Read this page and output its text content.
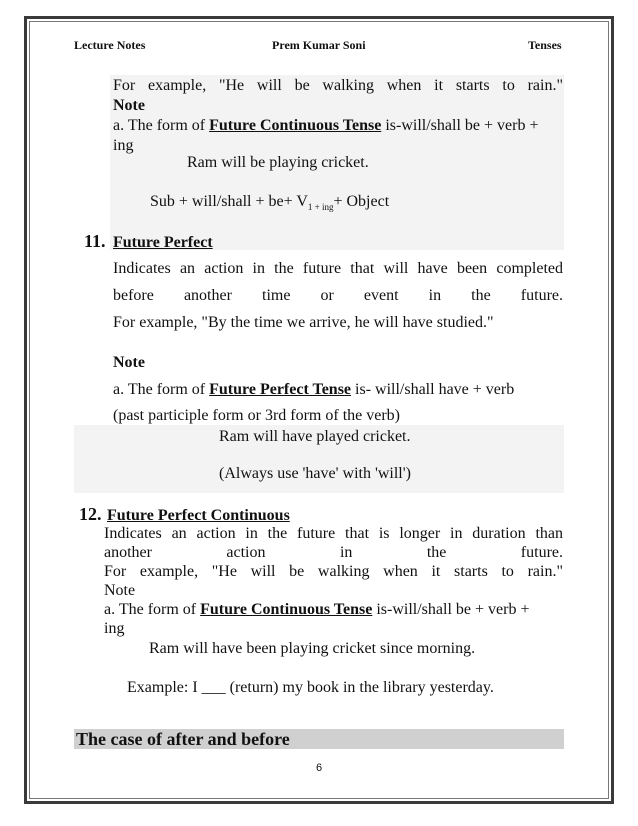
Lecture Notes	Prem Kumar Soni	Tenses
For example, "He will be walking when it starts to rain."
Note
a. The form of Future Continuous Tense is-will/shall be + verb +
ing
Ram will be playing cricket.
Sub + will/shall + $be+ V_{1 + ing}+$ Object
11. Future Perfect
Indicates an action in the future that will have been completed
before another time or event in the future.
For example, "By the time we arrive, he will have studied."
Note
a. The form of Future Perfect Tense is- will/shall have + verb
(past participle form or 3rd form of the verb)
Ram will have played cricket.
(Always use 'have' with 'will')
12. Future Perfect Continuous
Indicates an action in the future that is longer in duration than
another action in the future.
For example, "He will be walking when it starts to rain."
Note
a. The form of Future Continuous Tense is-will/shall be + verb +
ing
Ram will have been playing cricket since morning.
Example: I ___ (return) my book in the library yesterday.
The case of after and before
6
